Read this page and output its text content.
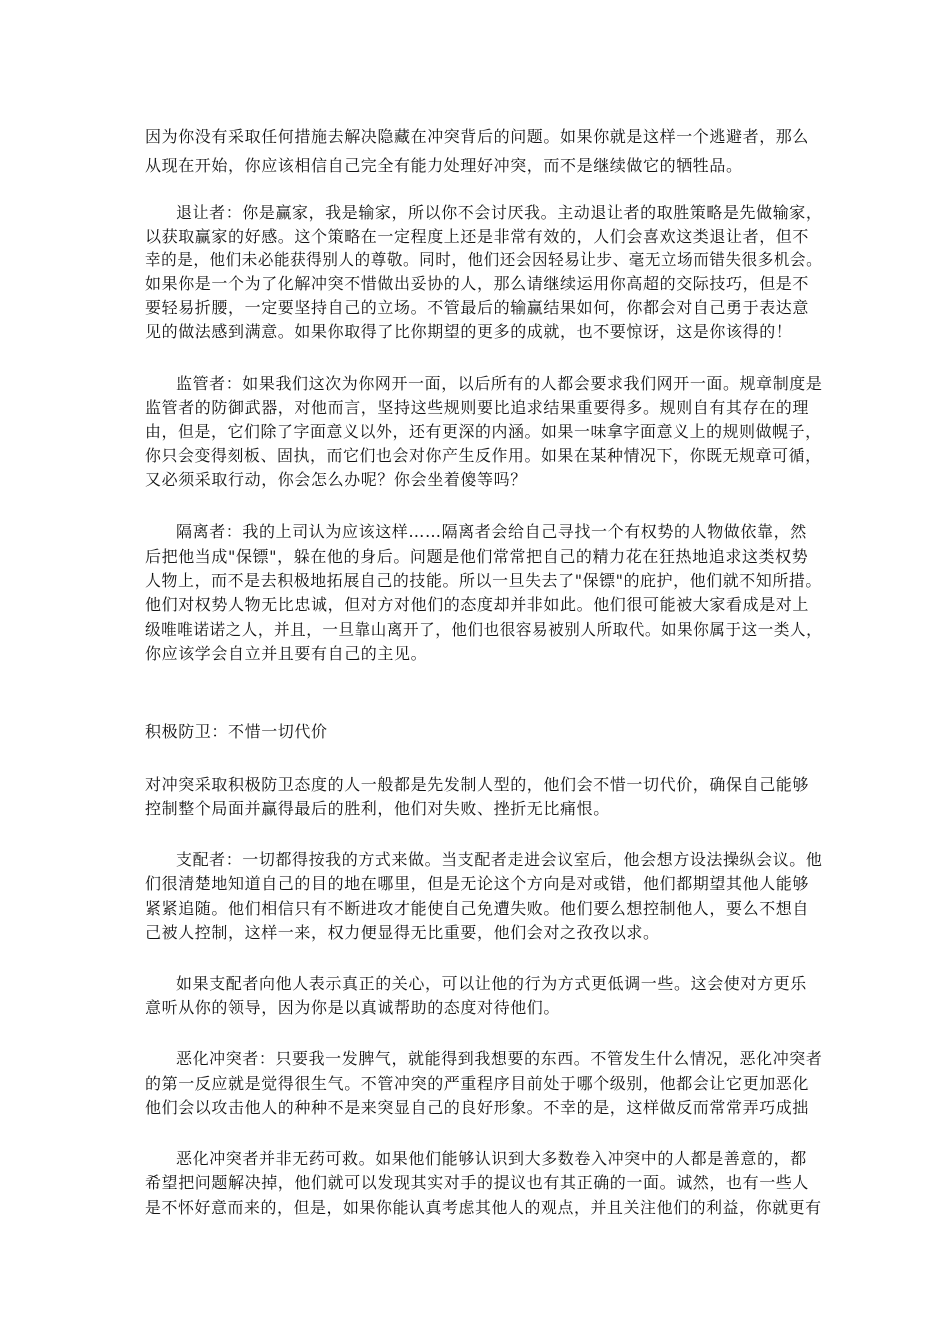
因为你没有采取任何措施去解决隐藏在冲突背后的问题。如果你就是这样一个逃避者，那么
从现在开始，你应该相信自己完全有能力处理好冲突，而不是继续做它的牺牲品。
退让者：你是赢家，我是输家，所以你不会讨厌我。主动退让者的取胜策略是先做输家，
以获取赢家的好感。这个策略在一定程度上还是非常有效的，人们会喜欢这类退让者，但不
幸的是，他们未必能获得别人的尊敬。同时，他们还会因轻易让步、毫无立场而错失很多机会。
如果你是一个为了化解冲突不惜做出妥协的人，那么请继续运用你高超的交际技巧，但是不
要轻易折腰，一定要坚持自己的立场。不管最后的输赢结果如何，你都会对自己勇于表达意
见的做法感到满意。如果你取得了比你期望的更多的成就，也不要惊讶，这是你该得的！
监管者：如果我们这次为你网开一面，以后所有的人都会要求我们网开一面。规章制度是
监管者的防御武器，对他而言，坚持这些规则要比追求结果重要得多。规则自有其存在的理
由，但是，它们除了字面意义以外，还有更深的内涵。如果一味拿字面意义上的规则做幌子，
你只会变得刻板、固执，而它们也会对你产生反作用。如果在某种情况下，你既无规章可循，
又必须采取行动，你会怎么办呢？你会坐着傻等吗？
隔离者：我的上司认为应该这样……隔离者会给自己寻找一个有权势的人物做依靠，然
后把他当成"保镖"，躲在他的身后。问题是他们常常把自己的精力花在狂热地追求这类权势
人物上，而不是去积极地拓展自己的技能。所以一旦失去了"保镖"的庇护，他们就不知所措。
他们对权势人物无比忠诚，但对方对他们的态度却并非如此。他们很可能被大家看成是对上
级唯唯诺诺之人，并且，一旦靠山离开了，他们也很容易被别人所取代。如果你属于这一类人，
你应该学会自立并且要有自己的主见。
积极防卫：不惜一切代价
对冲突采取积极防卫态度的人一般都是先发制人型的，他们会不惜一切代价，确保自己能够
控制整个局面并赢得最后的胜利，他们对失败、挫折无比痛恨。
支配者：一切都得按我的方式来做。当支配者走进会议室后，他会想方设法操纵会议。他
们很清楚地知道自己的目的地在哪里，但是无论这个方向是对或错，他们都期望其他人能够
紧紧追随。他们相信只有不断进攻才能使自己免遭失败。他们要么想控制他人，要么不想自
己被人控制，这样一来，权力便显得无比重要，他们会对之孜孜以求。
如果支配者向他人表示真正的关心，可以让他的行为方式更低调一些。这会使对方更乐
意听从你的领导，因为你是以真诚帮助的态度对待他们。
恶化冲突者：只要我一发脾气，就能得到我想要的东西。不管发生什么情况，恶化冲突者
的第一反应就是觉得很生气。不管冲突的严重程序目前处于哪个级别，他都会让它更加恶化
他们会以攻击他人的种种不是来突显自己的良好形象。不幸的是，这样做反而常常弄巧成拙
恶化冲突者并非无药可救。如果他们能够认识到大多数卷入冲突中的人都是善意的，都
希望把问题解决掉，他们就可以发现其实对手的提议也有其正确的一面。诚然，也有一些人
是不怀好意而来的，但是，如果你能认真考虑其他人的观点，并且关注他们的利益，你就更有
